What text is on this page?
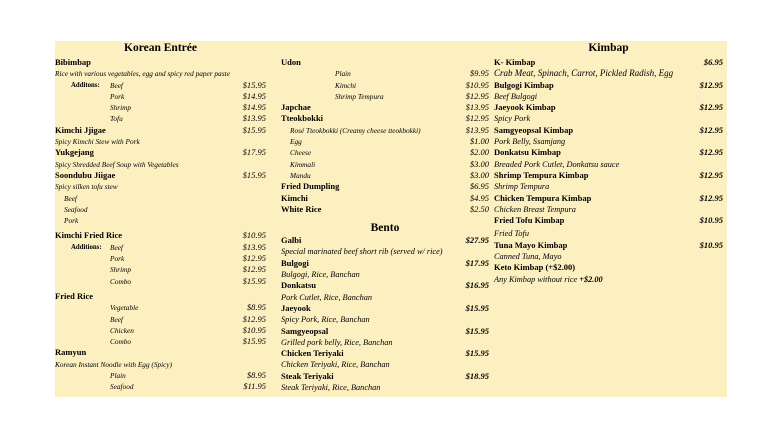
Korean Entrée
Bibimbap
Rice with various vegetables, egg and spicy red paper paste
Additons: Beef	$15.95
Pork	$14.95
Shrimp	$14.95
Tofu	$13.95
Kimchi Jjigae	$15.95
Spicy Kimchi Stew with Pork
Yukgejang	$17.95
Spicy Shredded Beef Soup with Vegetables
Soondubu Jiigae	$15.95
Spicy silken tofu stew
Beef
Seafood
Pork
Kimchi Fried Rice	$10.95
Additions: Beef	$13.95
Pork	$12.95
Shrimp	$12.95
Combo	$15.95
Fried Rice
Vegetable	$8.95
Beef	$12.95
Chicken	$10.95
Combo	$15.95
Ramyun
Korean Instant Noodle with Egg (Spicy)
Plain	$8.95
Seafood	$11.95
Udon
Plain	$9.95
Kimchi	$10.95
Shrimp Tempura	$12.95
Japchae	$13.95
Tteokbokki	$12.95
Rosé Tteokbokki (Creamy cheese tteokbokki)	$13.95
Egg	$1.00
Cheese	$2.00
Kimmali	$3.00
Mandu	$3.00
Fried Dumpling	$6.95
Kimchi	$4.95
White Rice	$2.50
Bento
Galbi	$27.95
Special marinated beef short rib (served w/ rice)
Bulgogi	$17.95
Bulgogi, Rice, Banchan
Donkatsu	$16.95
Pork Cutlet, Rice, Banchan
Jaeyook	$15.95
Spicy Pork, Rice, Banchan
Samgyeopsal	$15.95
Grilled pork belly, Rice, Banchan
Chicken Teriyaki	$15.95
Chicken Teriyaki, Rice, Banchan
Steak Teriyaki	$18.95
Steak Teriyaki, Rice, Banchan
Kimbap
K- Kimbap	$6.95
Crab Meat, Spinach, Carrot, Pickled Radish, Egg
Bulgogi Kimbap	$12.95
Beef Bulgogi
Jaeyook Kimbap	$12.95
Spicy Pork
Samgyeopsal Kimbap	$12.95
Pork Belly, Ssamjang
Donkatsu Kimbap	$12.95
Breaded Pork Cutlet, Donkatsu sauce
Shrimp Tempura Kimbap	$12.95
Shrimp Tempura
Chicken Tempura Kimbap	$12.95
Chicken Breast Tempura
Fried Tofu Kimbap	$10.95
Fried Tofu
Tuna Mayo Kimbap	$10.95
Canned Tuna, Mayo
Keto Kimbap (+$2.00)
Any Kimbap without rice +$2.00
